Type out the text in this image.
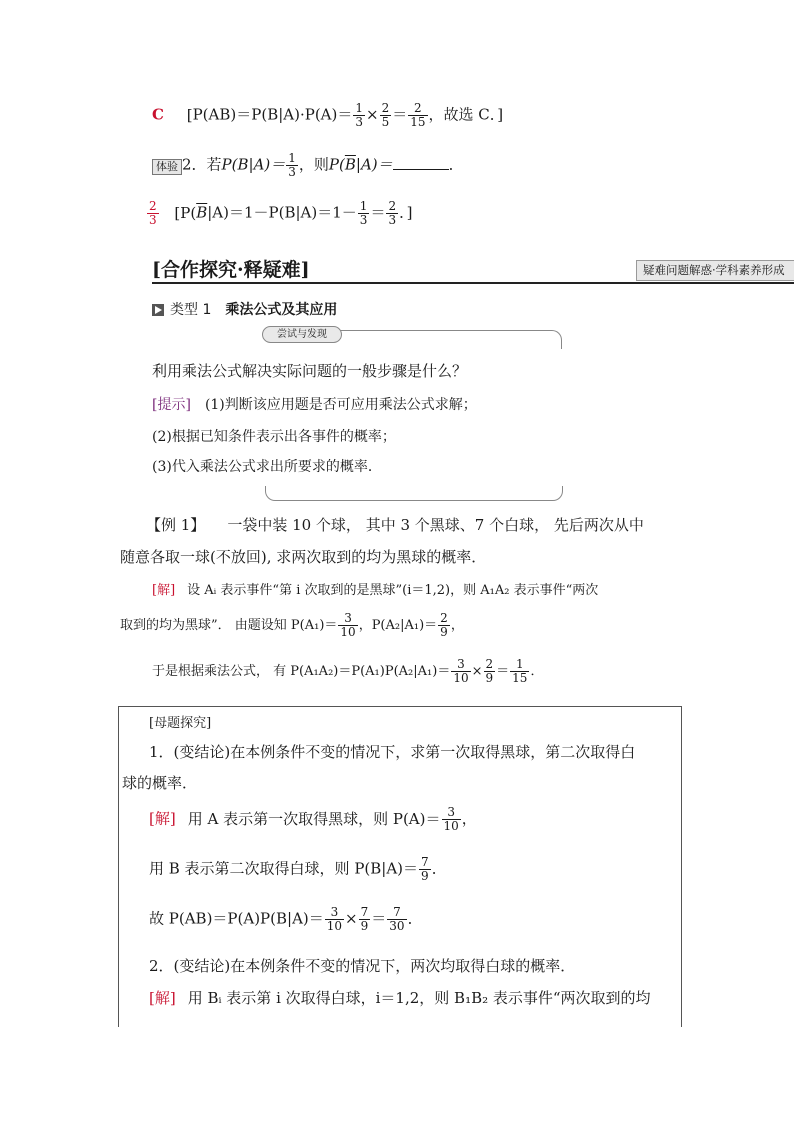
C [$P(AB)=P(B|A)\cdot P(A)= \frac{1}{3} \times \frac{2}{5} = \frac{2}{15}$ ，故选 C．]
体验 2．若$P(B|A)= \frac{1}{3}$ ，则$P(\overline{B}|A)=$	．
$\frac{2}{3} [P(\overline{B}|A)=1-P(B|A)=1- \frac{1}{3} = \frac{2}{3}$ ．]
[合作探究·释疑难]	疑难问题解惑·学科素养形成
类型 1 乘法公式及其应用
尝试与发现
利用乘法公式解决实际问题的一般步骤是什么？
[提示] (1)判断该应用题是否可应用乘法公式求解；
(2)根据已知条件表示出各事件的概率；
(3)代入乘法公式求出所要求的概率．
【例 1】 一袋中装 10 个球， 其中 3 个黑球、7 个白球， 先后两次从中
随意各取一球(不放回), 求两次取到的均为黑球的概率．
[解] 设 Aᵢ 表示事件“第 i 次取到的是黑球”(i＝1,2)，则 A₁A₂ 表示事件“两次
取到的均为黑球”． 由题设知 $P(A_1)= \frac{3}{10}$ ，$P(A_2|A_1)= \frac{2}{9}$ ，
于是根据乘法公式， 有 $P(A_1A_2)=P(A_1)P(A_2|A_1)= \frac{3}{10} \times \frac{2}{9} = \frac{1}{15}$ ．
[母题探究]
1．(变结论)在本例条件不变的情况下，求第一次取得黑球，第二次取得白
球的概率．
[解] 用 A 表示第一次取得黑球，则 $P(A)= \frac{3}{10}$ ，
用 B 表示第二次取得白球，则 $P(B|A)= \frac{7}{9}$ ．
故 $P(AB)=P(A)P(B|A)= \frac{3}{10} \times \frac{7}{9} = \frac{7}{30}$ ．
2．(变结论)在本例条件不变的情况下，两次均取得白球的概率．
[解] 用 Bᵢ 表示第 i 次取得白球，i＝1,2，则 B₁B₂ 表示事件“两次取到的均
